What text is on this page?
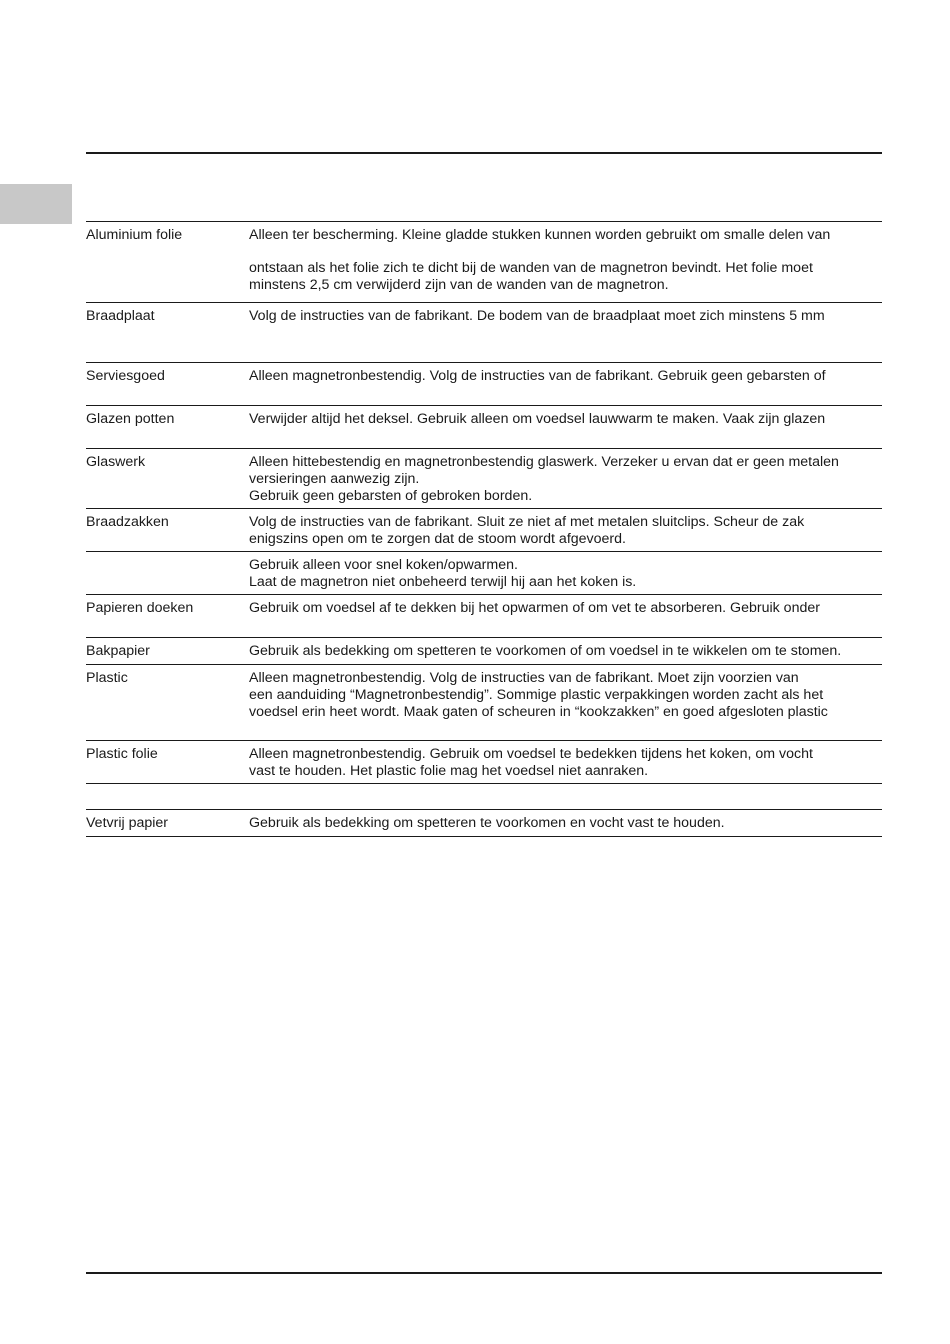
Aluminium folie	Alleen ter bescherming. Kleine gladde stukken kunnen worden gebruikt om smalle delen van
ontstaan als het folie zich te dicht bij de wanden van de magnetron bevindt. Het folie moet
minstens 2,5 cm verwijderd zijn van de wanden van de magnetron.
Braadplaat	Volg de instructies van de fabrikant. De bodem van de braadplaat moet zich minstens 5 mm
Serviesgoed	Alleen magnetronbestendig. Volg de instructies van de fabrikant. Gebruik geen gebarsten of
Glazen potten	Verwijder altijd het deksel. Gebruik alleen om voedsel lauwwarm te maken. Vaak zijn glazen
Glaswerk	Alleen hittebestendig en magnetronbestendig glaswerk. Verzeker u ervan dat er geen metalen
versieringen aanwezig zijn.
Gebruik geen gebarsten of gebroken borden.
Braadzakken	Volg de instructies van de fabrikant. Sluit ze niet af met metalen sluitclips. Scheur de zak
enigszins open om te zorgen dat de stoom wordt afgevoerd.
Gebruik alleen voor snel koken/opwarmen.
Laat de magnetron niet onbeheerd terwijl hij aan het koken is.
Papieren doeken	Gebruik om voedsel af te dekken bij het opwarmen of om vet te absorberen. Gebruik onder
Bakpapier	Gebruik als bedekking om spetteren te voorkomen of om voedsel in te wikkelen om te stomen.
Plastic	Alleen magnetronbestendig. Volg de instructies van de fabrikant. Moet zijn voorzien van
een aanduiding “Magnetronbestendig”. Sommige plastic verpakkingen worden zacht als het
voedsel erin heet wordt. Maak gaten of scheuren in “kookzakken” en goed afgesloten plastic
Plastic folie	Alleen magnetronbestendig. Gebruik om voedsel te bedekken tijdens het koken, om vocht
vast te houden. Het plastic folie mag het voedsel niet aanraken.
Vetvrij papier	Gebruik als bedekking om spetteren te voorkomen en vocht vast te houden.
